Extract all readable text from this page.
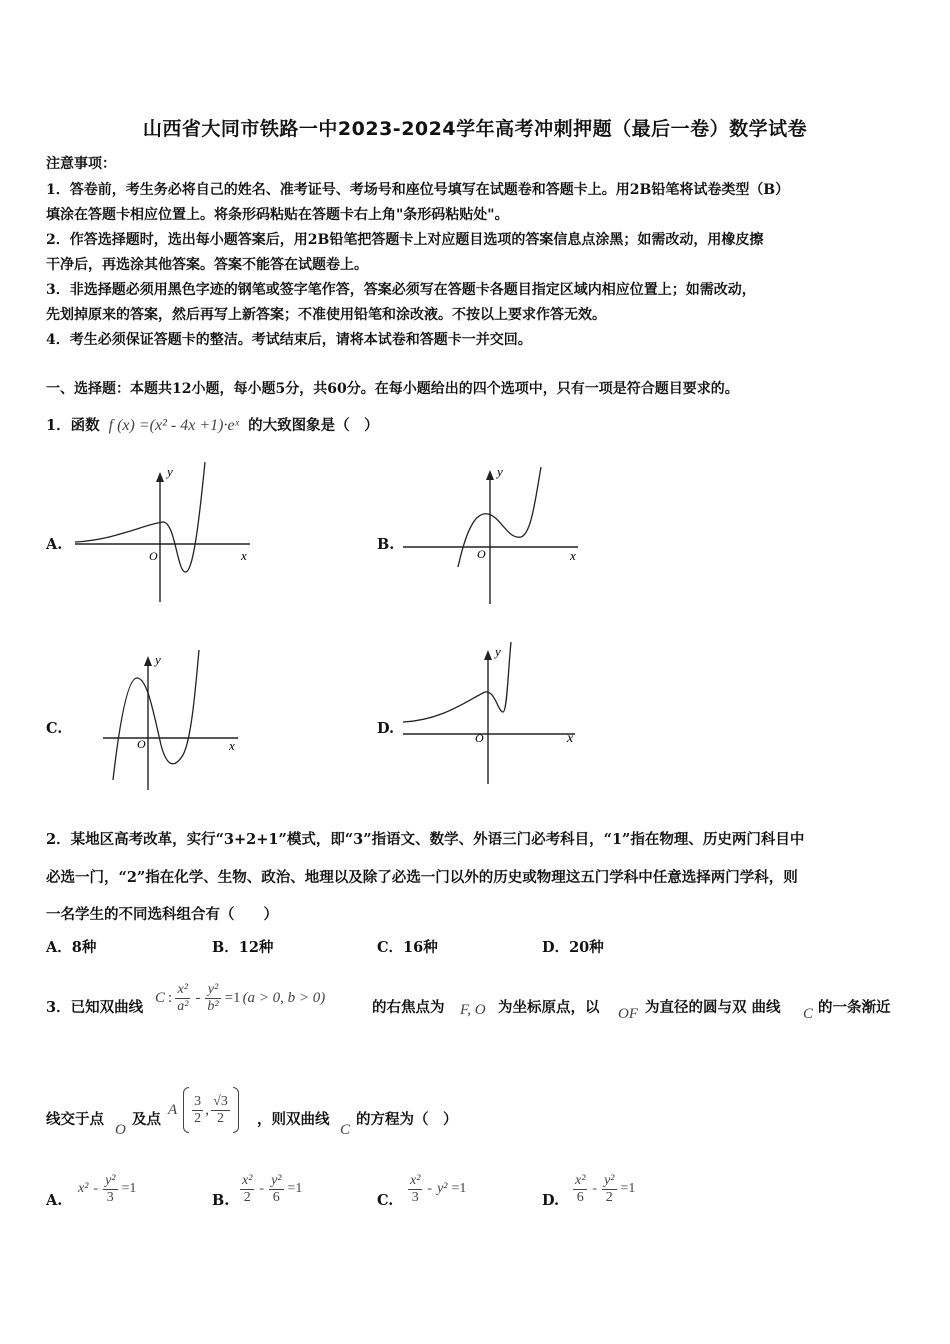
山西省大同市铁路一中2023-2024学年高考冲刺押题（最后一卷）数学试卷
注意事项：
1．答卷前，考生务必将自己的姓名、准考证号、考场号和座位号填写在试题卷和答题卡上。用2B铅笔将试卷类型（B）
填涂在答题卡相应位置上。将条形码粘贴在答题卡右上角"条形码粘贴处"。
2．作答选择题时，选出每小题答案后，用2B铅笔把答题卡上对应题目选项的答案信息点涂黑；如需改动，用橡皮擦
干净后，再选涂其他答案。答案不能答在试题卷上。
3．非选择题必须用黑色字迹的钢笔或签字笔作答，答案必须写在答题卡各题目指定区域内相应位置上；如需改动，
先划掉原来的答案，然后再写上新答案；不准使用铅笔和涂改液。不按以上要求作答无效。
4．考生必须保证答题卡的整洁。考试结束后，请将本试卷和答题卡一并交回。
一、选择题：本题共12小题，每小题5分，共60分。在每小题给出的四个选项中，只有一项是符合题目要求的。
1．函数 f (x) =(x² - 4x +1)·eˣ 的大致图象是（　）
A.
y
x
O
B.
y
x
O
C.
y
x
O
D.
y
x
O
2．某地区高考改革，实行“3+2+1”模式，即“3”指语文、数学、外语三门必考科目，“1”指在物理、历史两门科目中
必选一门，“2”指在化学、生物、政治、地理以及除了必选一门以外的历史或物理这五门学科中任意选择两门学科，则
一名学生的不同选科组合有（　　）
A．8种	B．12种	C．16种	D．20种
3．已知双曲线
C : $\frac{\text{x²}}{\text{a²}} - \frac{\text{y²}}{\text{b²}} =1$ (a > 0, b > 0)
的右焦点为 F, O 为坐标原点，以 OF 为直径的圆与双 曲线 C 的一条渐近
线交于点
O
及点
A $\frac{3}{2}$ , $\frac{√3}{2}$ ，则双曲线
C
的方程为（　）
A.
$x^2 - \frac{\text{y²}}{3} =1$
B. $\frac{\text{x²}}{2} - \frac{\text{y²}}{6} =1$
C. $\frac{\text{x²}}{3} - y^2 =1$
D. $\frac{\text{x²}}{6} - \frac{\text{y²}}{2} =1$
